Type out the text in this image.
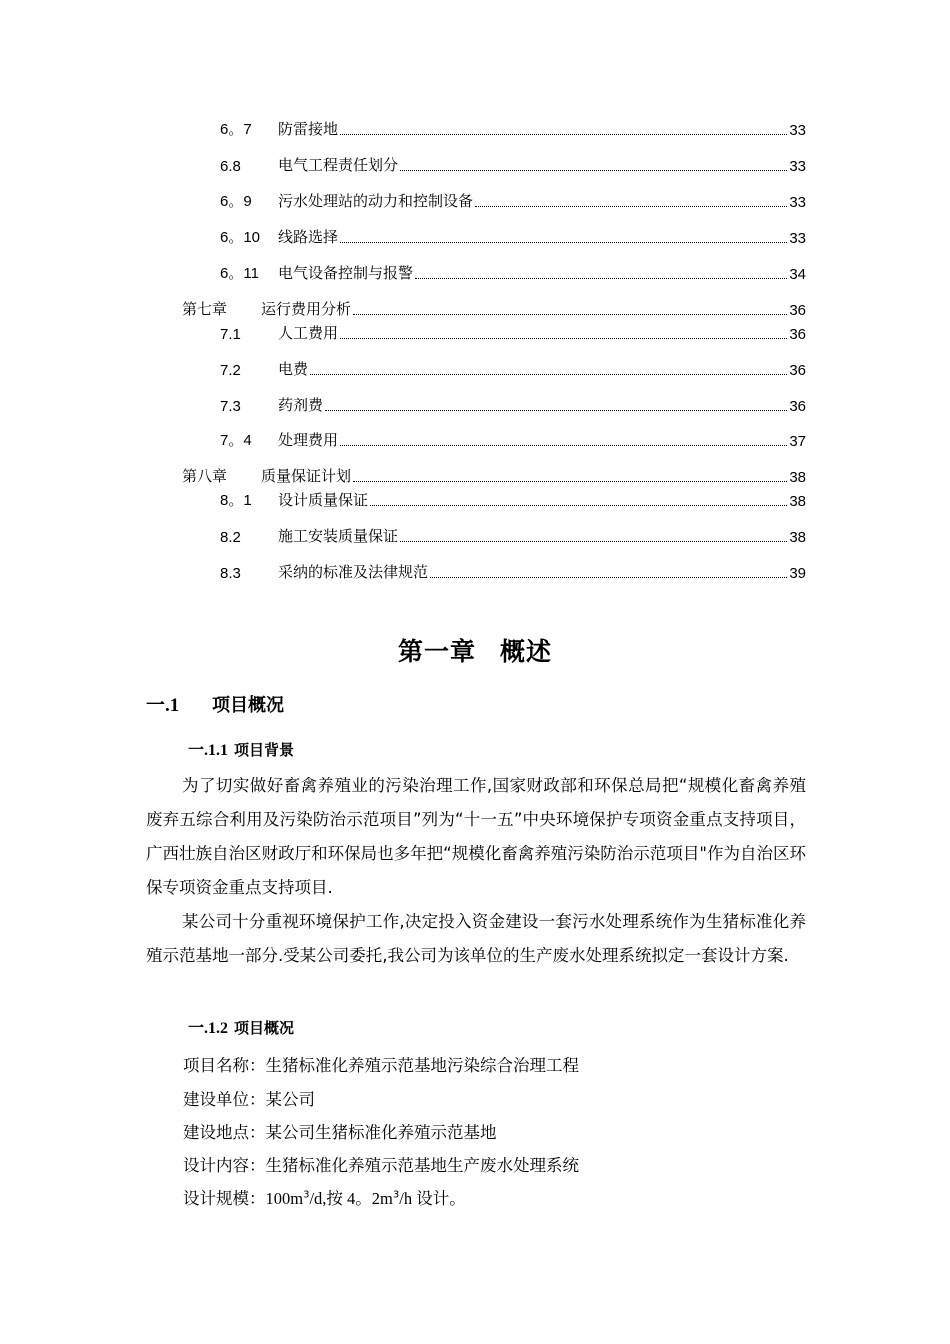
6。7	防雷接地	33
6.8	电气工程责任划分	33
6。9	污水处理站的动力和控制设备	33
6。10	线路选择	33
6。11	电气设备控制与报警	34
第七章	运行费用分析	36
7.1	人工费用	36
7.2	电费	36
7.3	药剂费	36
7。4	处理费用	37
第八章	质量保证计划	38
8。1	设计质量保证	38
8.2	施工安装质量保证	38
8.3	采纳的标准及法律规范	39
第一章 概述
一.1 项目概况
一.1.1 项目背景
为了切实做好畜禽养殖业的污染治理工作,国家财政部和环保总局把“规模化畜禽养殖废弃五综合利用及污染防治示范项目”列为“十一五”中央环境保护专项资金重点支持项目，广西壮族自治区财政厅和环保局也多年把“规模化畜禽养殖污染防治示范项目"作为自治区环保专项资金重点支持项目.
某公司十分重视环境保护工作,决定投入资金建设一套污水处理系统作为生猪标准化养殖示范基地一部分.受某公司委托,我公司为该单位的生产废水处理系统拟定一套设计方案.
一.1.2 项目概况
项目名称：生猪标准化养殖示范基地污染综合治理工程
建设单位：某公司
建设地点：某公司生猪标准化养殖示范基地
设计内容：生猪标准化养殖示范基地生产废水处理系统
设计规模：$100m^3/d$,按 4。$2m^3/h$ 设计。
